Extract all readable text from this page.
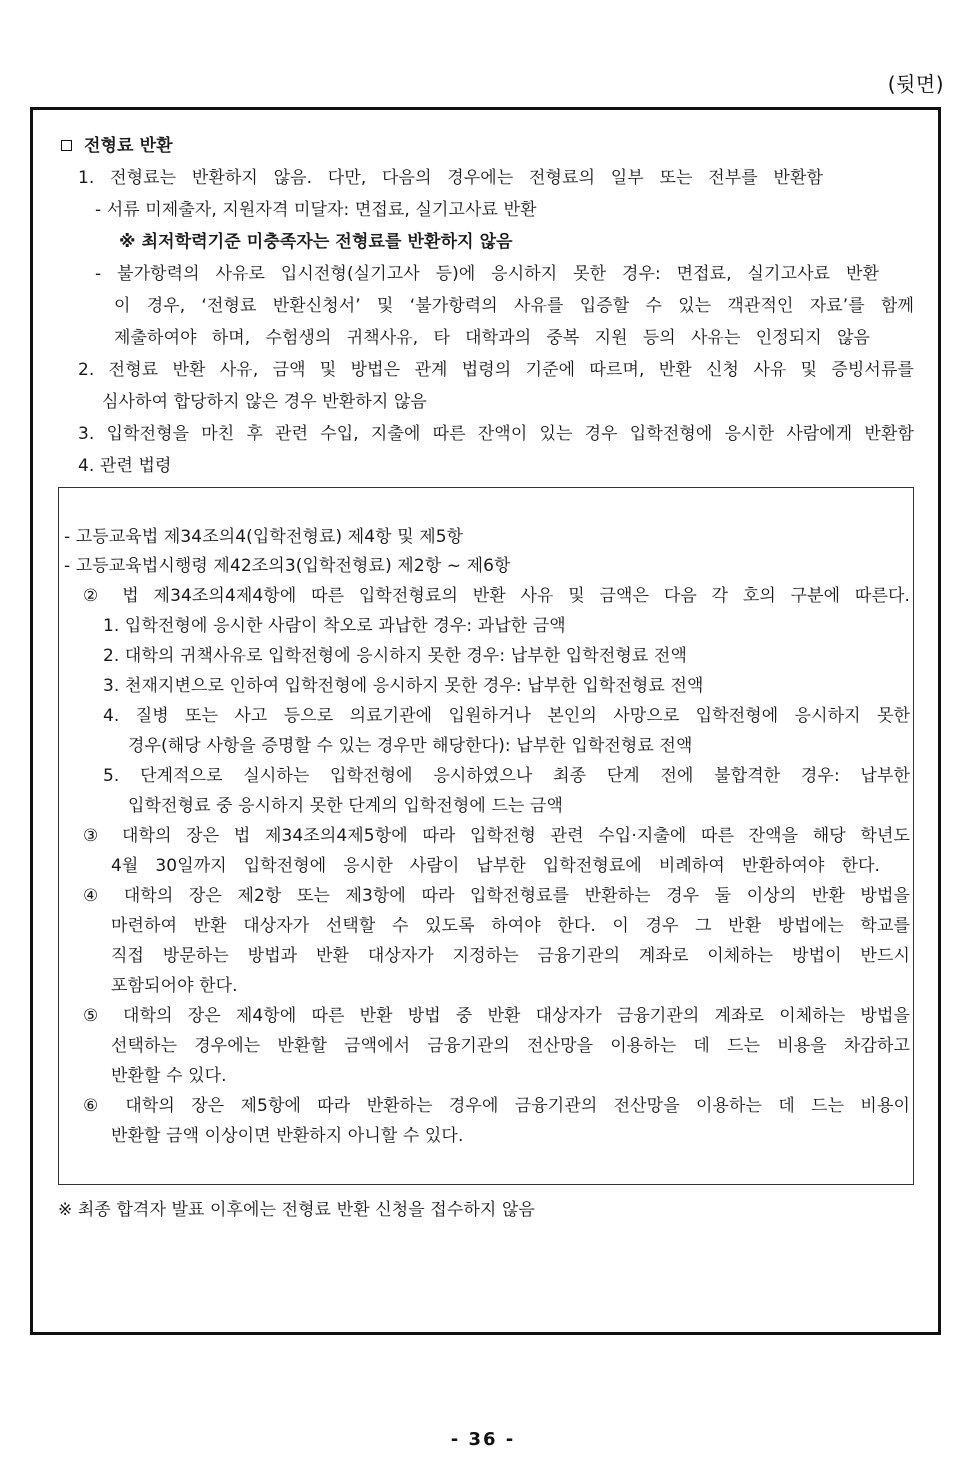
(뒷면)
전형료 반환
1. 전형료는 반환하지 않음. 다만, 다음의 경우에는 전형료의 일부 또는 전부를 반환함
- 서류 미제출자, 지원자격 미달자: 면접료, 실기고사료 반환
※ 최저학력기준 미충족자는 전형료를 반환하지 않음
- 불가항력의 사유로 입시전형(실기고사 등)에 응시하지 못한 경우: 면접료, 실기고사료 반환
이 경우, ‘전형료 반환신청서’ 및 ‘불가항력의 사유를 입증할 수 있는 객관적인 자료’를 함께
제출하여야 하며, 수험생의 귀책사유, 타 대학과의 중복 지원 등의 사유는 인정되지 않음
2. 전형료 반환 사유, 금액 및 방법은 관계 법령의 기준에 따르며, 반환 신청 사유 및 증빙서류를
심사하여 합당하지 않은 경우 반환하지 않음
3. 입학전형을 마친 후 관련 수입, 지출에 따른 잔액이 있는 경우 입학전형에 응시한 사람에게 반환함
4. 관련 법령
- 고등교육법 제34조의4(입학전형료) 제4항 및 제5항
- 고등교육법시행령 제42조의3(입학전형료) 제2항 ~ 제6항
② 법 제34조의4제4항에 따른 입학전형료의 반환 사유 및 금액은 다음 각 호의 구분에 따른다.
1. 입학전형에 응시한 사람이 착오로 과납한 경우: 과납한 금액
2. 대학의 귀책사유로 입학전형에 응시하지 못한 경우: 납부한 입학전형료 전액
3. 천재지변으로 인하여 입학전형에 응시하지 못한 경우: 납부한 입학전형료 전액
4. 질병 또는 사고 등으로 의료기관에 입원하거나 본인의 사망으로 입학전형에 응시하지 못한
경우(해당 사항을 증명할 수 있는 경우만 해당한다): 납부한 입학전형료 전액
5. 단계적으로 실시하는 입학전형에 응시하였으나 최종 단계 전에 불합격한 경우: 납부한
입학전형료 중 응시하지 못한 단계의 입학전형에 드는 금액
③ 대학의 장은 법 제34조의4제5항에 따라 입학전형 관련 수입·지출에 따른 잔액을 해당 학년도
4월 30일까지 입학전형에 응시한 사람이 납부한 입학전형료에 비례하여 반환하여야 한다.
④ 대학의 장은 제2항 또는 제3항에 따라 입학전형료를 반환하는 경우 둘 이상의 반환 방법을
마련하여 반환 대상자가 선택할 수 있도록 하여야 한다. 이 경우 그 반환 방법에는 학교를
직접 방문하는 방법과 반환 대상자가 지정하는 금융기관의 계좌로 이체하는 방법이 반드시
포함되어야 한다.
⑤ 대학의 장은 제4항에 따른 반환 방법 중 반환 대상자가 금융기관의 계좌로 이체하는 방법을
선택하는 경우에는 반환할 금액에서 금융기관의 전산망을 이용하는 데 드는 비용을 차감하고
반환할 수 있다.
⑥ 대학의 장은 제5항에 따라 반환하는 경우에 금융기관의 전산망을 이용하는 데 드는 비용이
반환할 금액 이상이면 반환하지 아니할 수 있다.
※ 최종 합격자 발표 이후에는 전형료 반환 신청을 접수하지 않음
- 36 -
